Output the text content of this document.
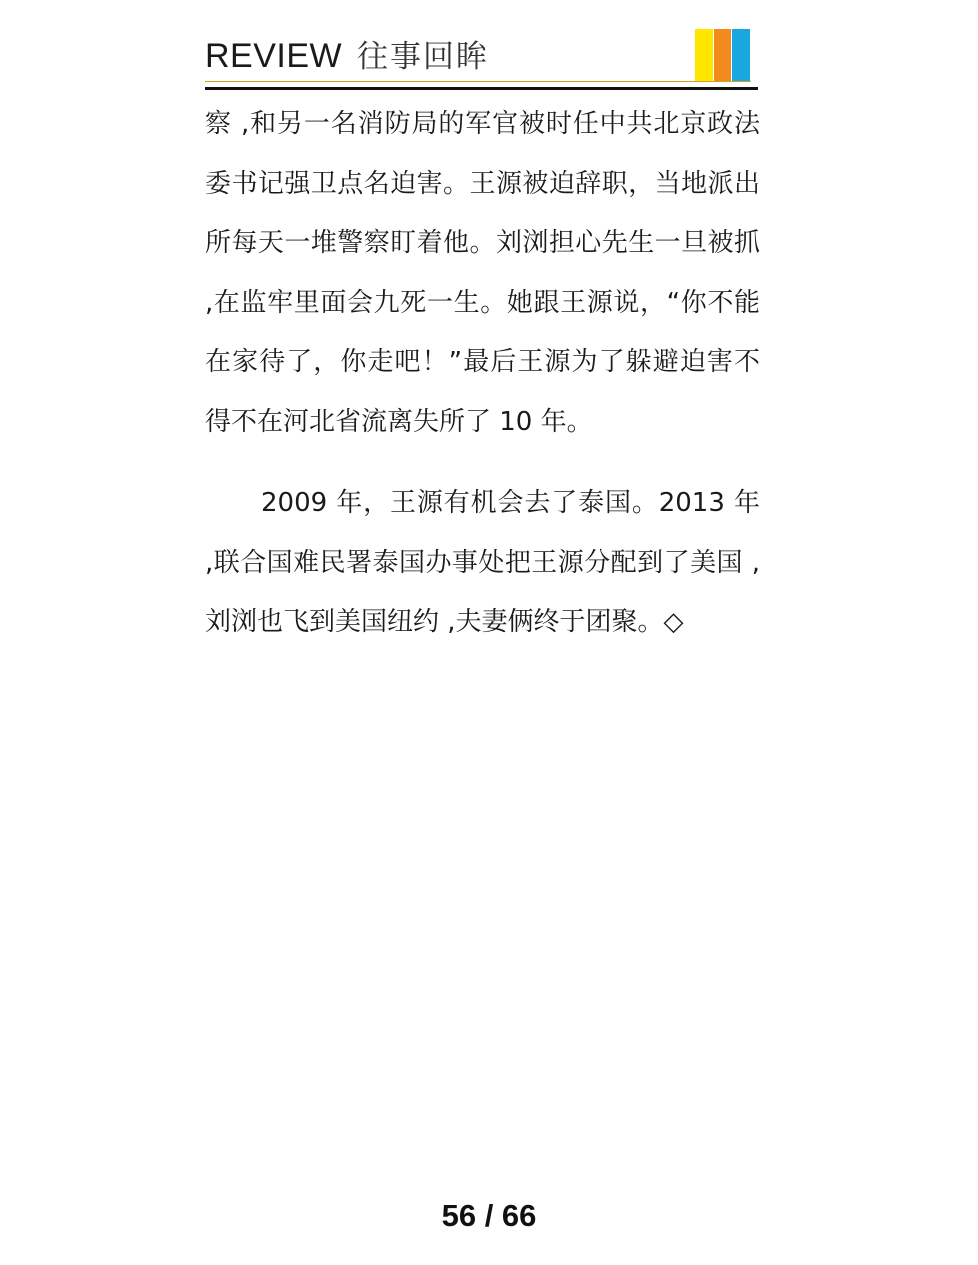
REVIEW 往事回眸

察 ,和另一名消防局的军官被时任中共北京政法委书记强卫点名迫害。王源被迫辞职，当地派出所每天一堆警察盯着他。刘浏担心先生一旦被抓 ,在监牢里面会九死一生。她跟王源说，“你不能在家待了，你走吧！”最后王源为了躲避迫害不得不在河北省流离失所了 10 年。

2009 年，王源有机会去了泰国。2013 年 ,联合国难民署泰国办事处把王源分配到了美国 ,刘浏也飞到美国纽约 ,夫妻俩终于团聚。◇

56 / 66
